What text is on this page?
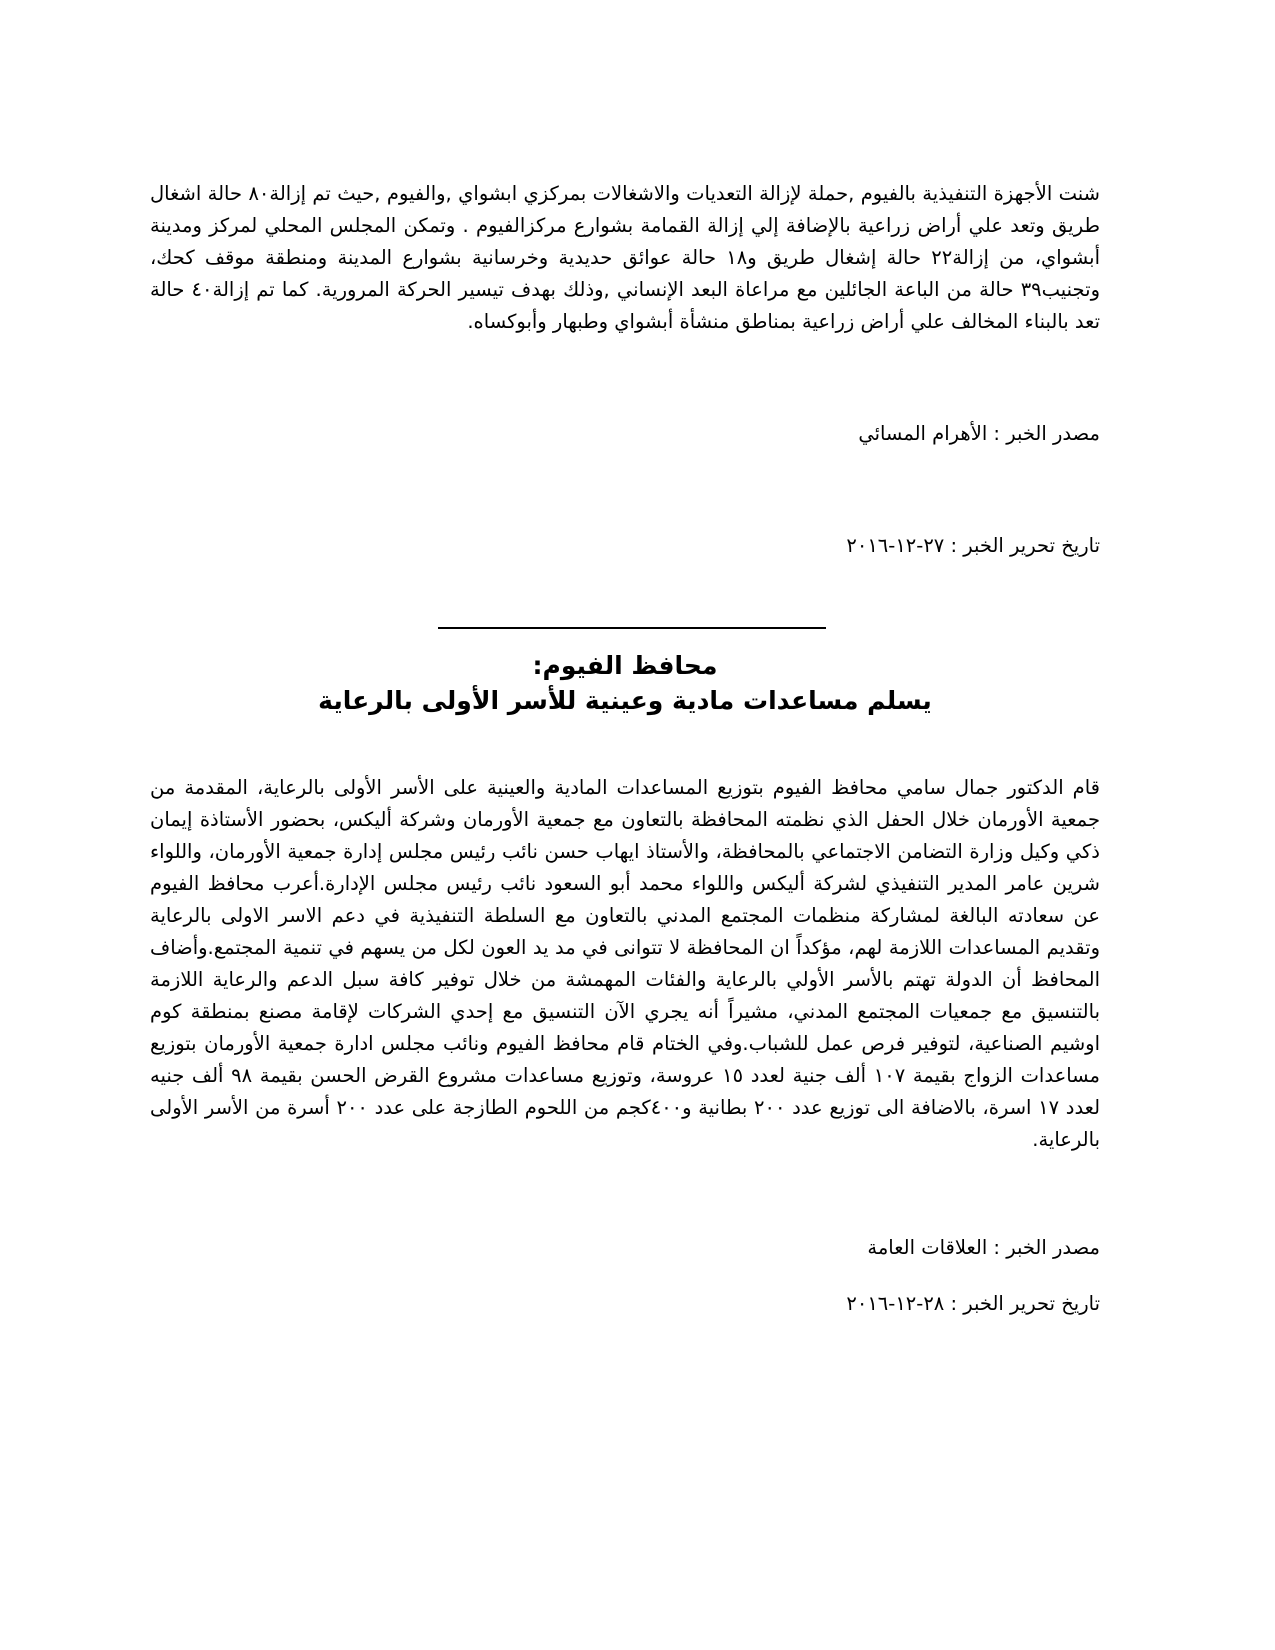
شنت الأجهزة التنفيذية بالفيوم ,حملة لإزالة التعديات والاشغالات بمركزي ابشواي ,والفيوم ,حيث تم إزالة٨٠ حالة اشغال طريق وتعد علي أراض زراعية بالإضافة إلي إزالة القمامة بشوارع مركزالفيوم . وتمكن المجلس المحلي لمركز ومدينة أبشواي، من إزالة٢٢ حالة إشغال طريق و١٨ حالة عوائق حديدية وخرسانية بشوارع المدينة ومنطقة موقف كحك، وتجنيب٣٩ حالة من الباعة الجائلين مع مراعاة البعد الإنساني ,وذلك بهدف تيسير الحركة المرورية. كما تم إزالة٤٠ حالة تعد بالبناء المخالف علي أراض زراعية بمناطق منشأة أبشواي وطبهار وأبوكساه.

مصدر الخبر : الأهرام المسائي

تاريخ تحرير الخبر : ٢٧-١٢-٢٠١٦

محافظ الفيوم:
يسلم مساعدات مادية وعينية للأسر الأولى بالرعاية

قام الدكتور جمال سامي محافظ الفيوم بتوزيع المساعدات المادية والعينية على الأسر الأولى بالرعاية، المقدمة من جمعية الأورمان خلال الحفل الذي نظمته المحافظة بالتعاون مع جمعية الأورمان وشركة أليكس، بحضور الأستاذة إيمان ذكي وكيل وزارة التضامن الاجتماعي بالمحافظة، والأستاذ ايهاب حسن نائب رئيس مجلس إدارة جمعية الأورمان، واللواء شرين عامر المدير التنفيذي لشركة أليكس واللواء محمد أبو السعود نائب رئيس مجلس الإدارة.أعرب محافظ الفيوم عن سعادته البالغة لمشاركة منظمات المجتمع المدني بالتعاون مع السلطة التنفيذية في دعم الاسر الاولى بالرعاية وتقديم المساعدات اللازمة لهم، مؤكداً ان المحافظة لا تتوانى في مد يد العون لكل من يسهم في تنمية المجتمع.وأضاف المحافظ أن الدولة تهتم بالأسر الأولي بالرعاية والفئات المهمشة من خلال توفير كافة سبل الدعم والرعاية اللازمة بالتنسيق مع جمعيات المجتمع المدني، مشيراً أنه يجري الآن التنسيق مع إحدي الشركات لإقامة مصنع بمنطقة كوم اوشيم الصناعية، لتوفير فرص عمل للشباب.وفي الختام قام محافظ الفيوم ونائب مجلس ادارة جمعية الأورمان بتوزيع مساعدات الزواج بقيمة ١٠٧ ألف جنية لعدد ١٥ عروسة، وتوزيع مساعدات مشروع القرض الحسن بقيمة ٩٨ ألف جنيه لعدد ١٧ اسرة، بالاضافة الى توزيع عدد ٢٠٠ بطانية و٤٠٠كجم من اللحوم الطازجة على عدد ٢٠٠ أسرة من الأسر الأولى بالرعاية.

مصدر الخبر : العلاقات العامة

تاريخ تحرير الخبر : ٢٨-١٢-٢٠١٦
